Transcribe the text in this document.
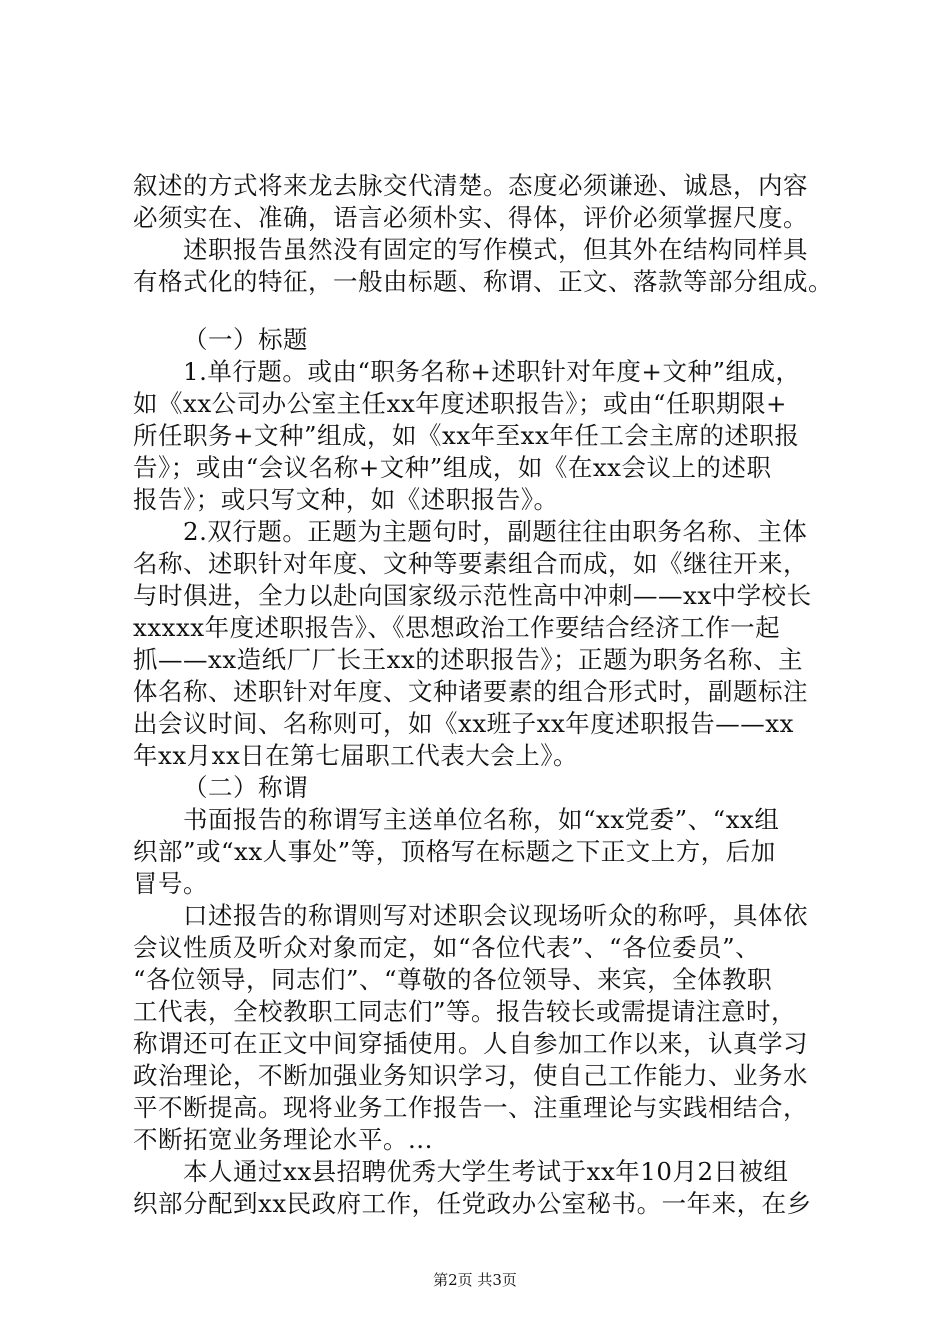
叙述的方式将来龙去脉交代清楚。态度必须谦逊、诚恳，内容
必须实在、准确，语言必须朴实、得体，评价必须掌握尺度。
述职报告虽然没有固定的写作模式，但其外在结构同样具
有格式化的特征，一般由标题、称谓、正文、落款等部分组成。
（一）标题
1.单行题。或由“职务名称+述职针对年度+文种”组成，
如《xx公司办公室主任xx年度述职报告》；或由“任职期限+
所任职务+文种”组成，如《xx年至xx年任工会主席的述职报
告》；或由“会议名称+文种”组成，如《在xx会议上的述职
报告》；或只写文种，如《述职报告》。
2.双行题。正题为主题句时，副题往往由职务名称、主体
名称、述职针对年度、文种等要素组合而成，如《继往开来，
与时俱进，全力以赴向国家级示范性高中冲刺——xx中学校长
xxxxx年度述职报告》、《思想政治工作要结合经济工作一起
抓——xx造纸厂厂长王xx的述职报告》；正题为职务名称、主
体名称、述职针对年度、文种诸要素的组合形式时，副题标注
出会议时间、名称则可，如《xx班子xx年度述职报告——xx
年xx月xx日在第七届职工代表大会上》。
（二）称谓
书面报告的称谓写主送单位名称，如“xx党委”、“xx组
织部”或“xx人事处”等，顶格写在标题之下正文上方，后加
冒号。
口述报告的称谓则写对述职会议现场听众的称呼，具体依
会议性质及听众对象而定，如“各位代表”、“各位委员”、
“各位领导，同志们”、“尊敬的各位领导、来宾，全体教职
工代表，全校教职工同志们”等。报告较长或需提请注意时，
称谓还可在正文中间穿插使用。人自参加工作以来，认真学习
政治理论，不断加强业务知识学习，使自己工作能力、业务水
平不断提高。现将业务工作报告一、注重理论与实践相结合，
不断拓宽业务理论水平。...
本人通过xx县招聘优秀大学生考试于xx年10月2日被组
织部分配到xx民政府工作，任党政办公室秘书。一年来，在乡
第2页 共3页
